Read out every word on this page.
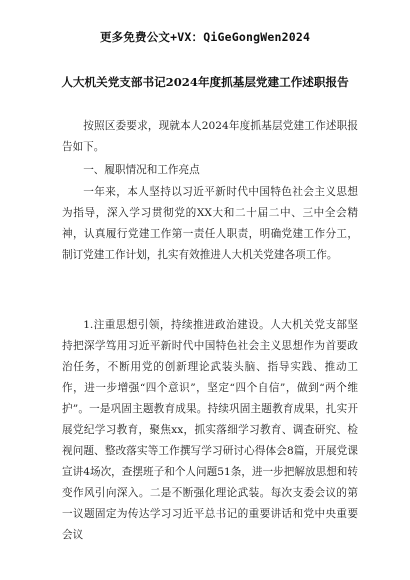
更多免费公文+VX：QiGeGongWen2024
人大机关党支部书记2024年度抓基层党建工作述职报告

按照区委要求，现就本人2024年度抓基层党建工作述职报告如下。

一、履职情况和工作亮点

一年来，本人坚持以习近平新时代中国特色社会主义思想为指导，深入学习贯彻党的XX大和二十届二中、三中全会精神，认真履行党建工作第一责任人职责，明确党建工作分工，制订党建工作计划，扎实有效推进人大机关党建各项工作。

1.注重思想引领，持续推进政治建设。人大机关党支部坚持把深学笃用习近平新时代中国特色社会主义思想作为首要政治任务，不断用党的创新理论武装头脑、指导实践、推动工作，进一步增强“四个意识”，坚定“四个自信”，做到“两个维护”。一是巩固主题教育成果。持续巩固主题教育成果，扎实开展党纪学习教育，聚焦xx，抓实落细学习教育、调查研究、检视问题、整改落实等工作撰写学习研讨心得体会8篇，开展党课宣讲4场次，查摆班子和个人问题51条，进一步把解放思想和转变作风引向深入。二是不断强化理论武装。每次支委会议的第一议题固定为传达学习习近平总书记的重要讲话和党中央重要会议
